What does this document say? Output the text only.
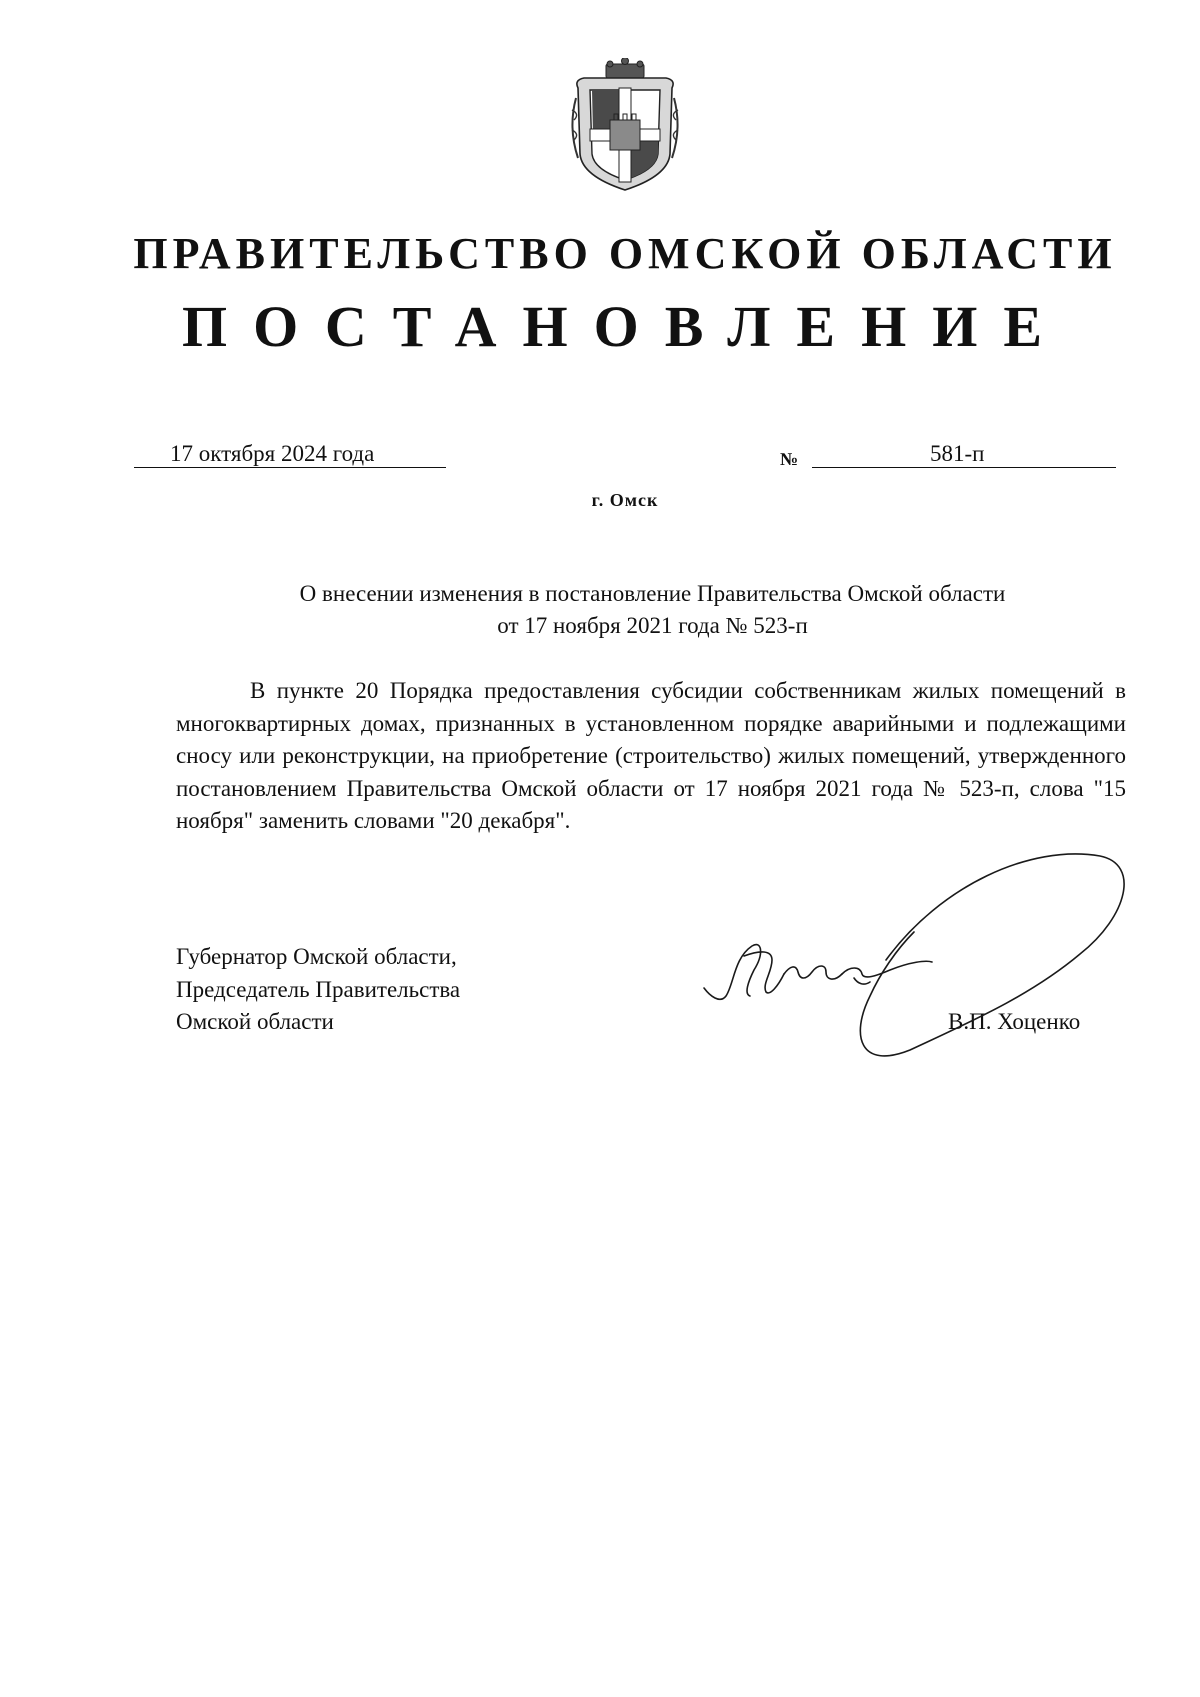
ПРАВИТЕЛЬСТВО ОМСКОЙ ОБЛАСТИ
ПОСТАНОВЛЕНИЕ
17 октября 2024 года	№	581-п
г. Омск
О внесении изменения в постановление Правительства Омской области
от 17 ноября 2021 года № 523-п

В пункте 20 Порядка предоставления субсидии собственникам жилых помещений в многоквартирных домах, признанных в установленном порядке аварийными и подлежащими сносу или реконструкции, на приобретение (строительство) жилых помещений, утвержденного постановлением Правительства Омской области от 17 ноября 2021 года № 523-п, слова "15 ноября" заменить словами "20 декабря".

Губернатор Омской области,
Председатель Правительства
Омской области	В.П. Хоценко
